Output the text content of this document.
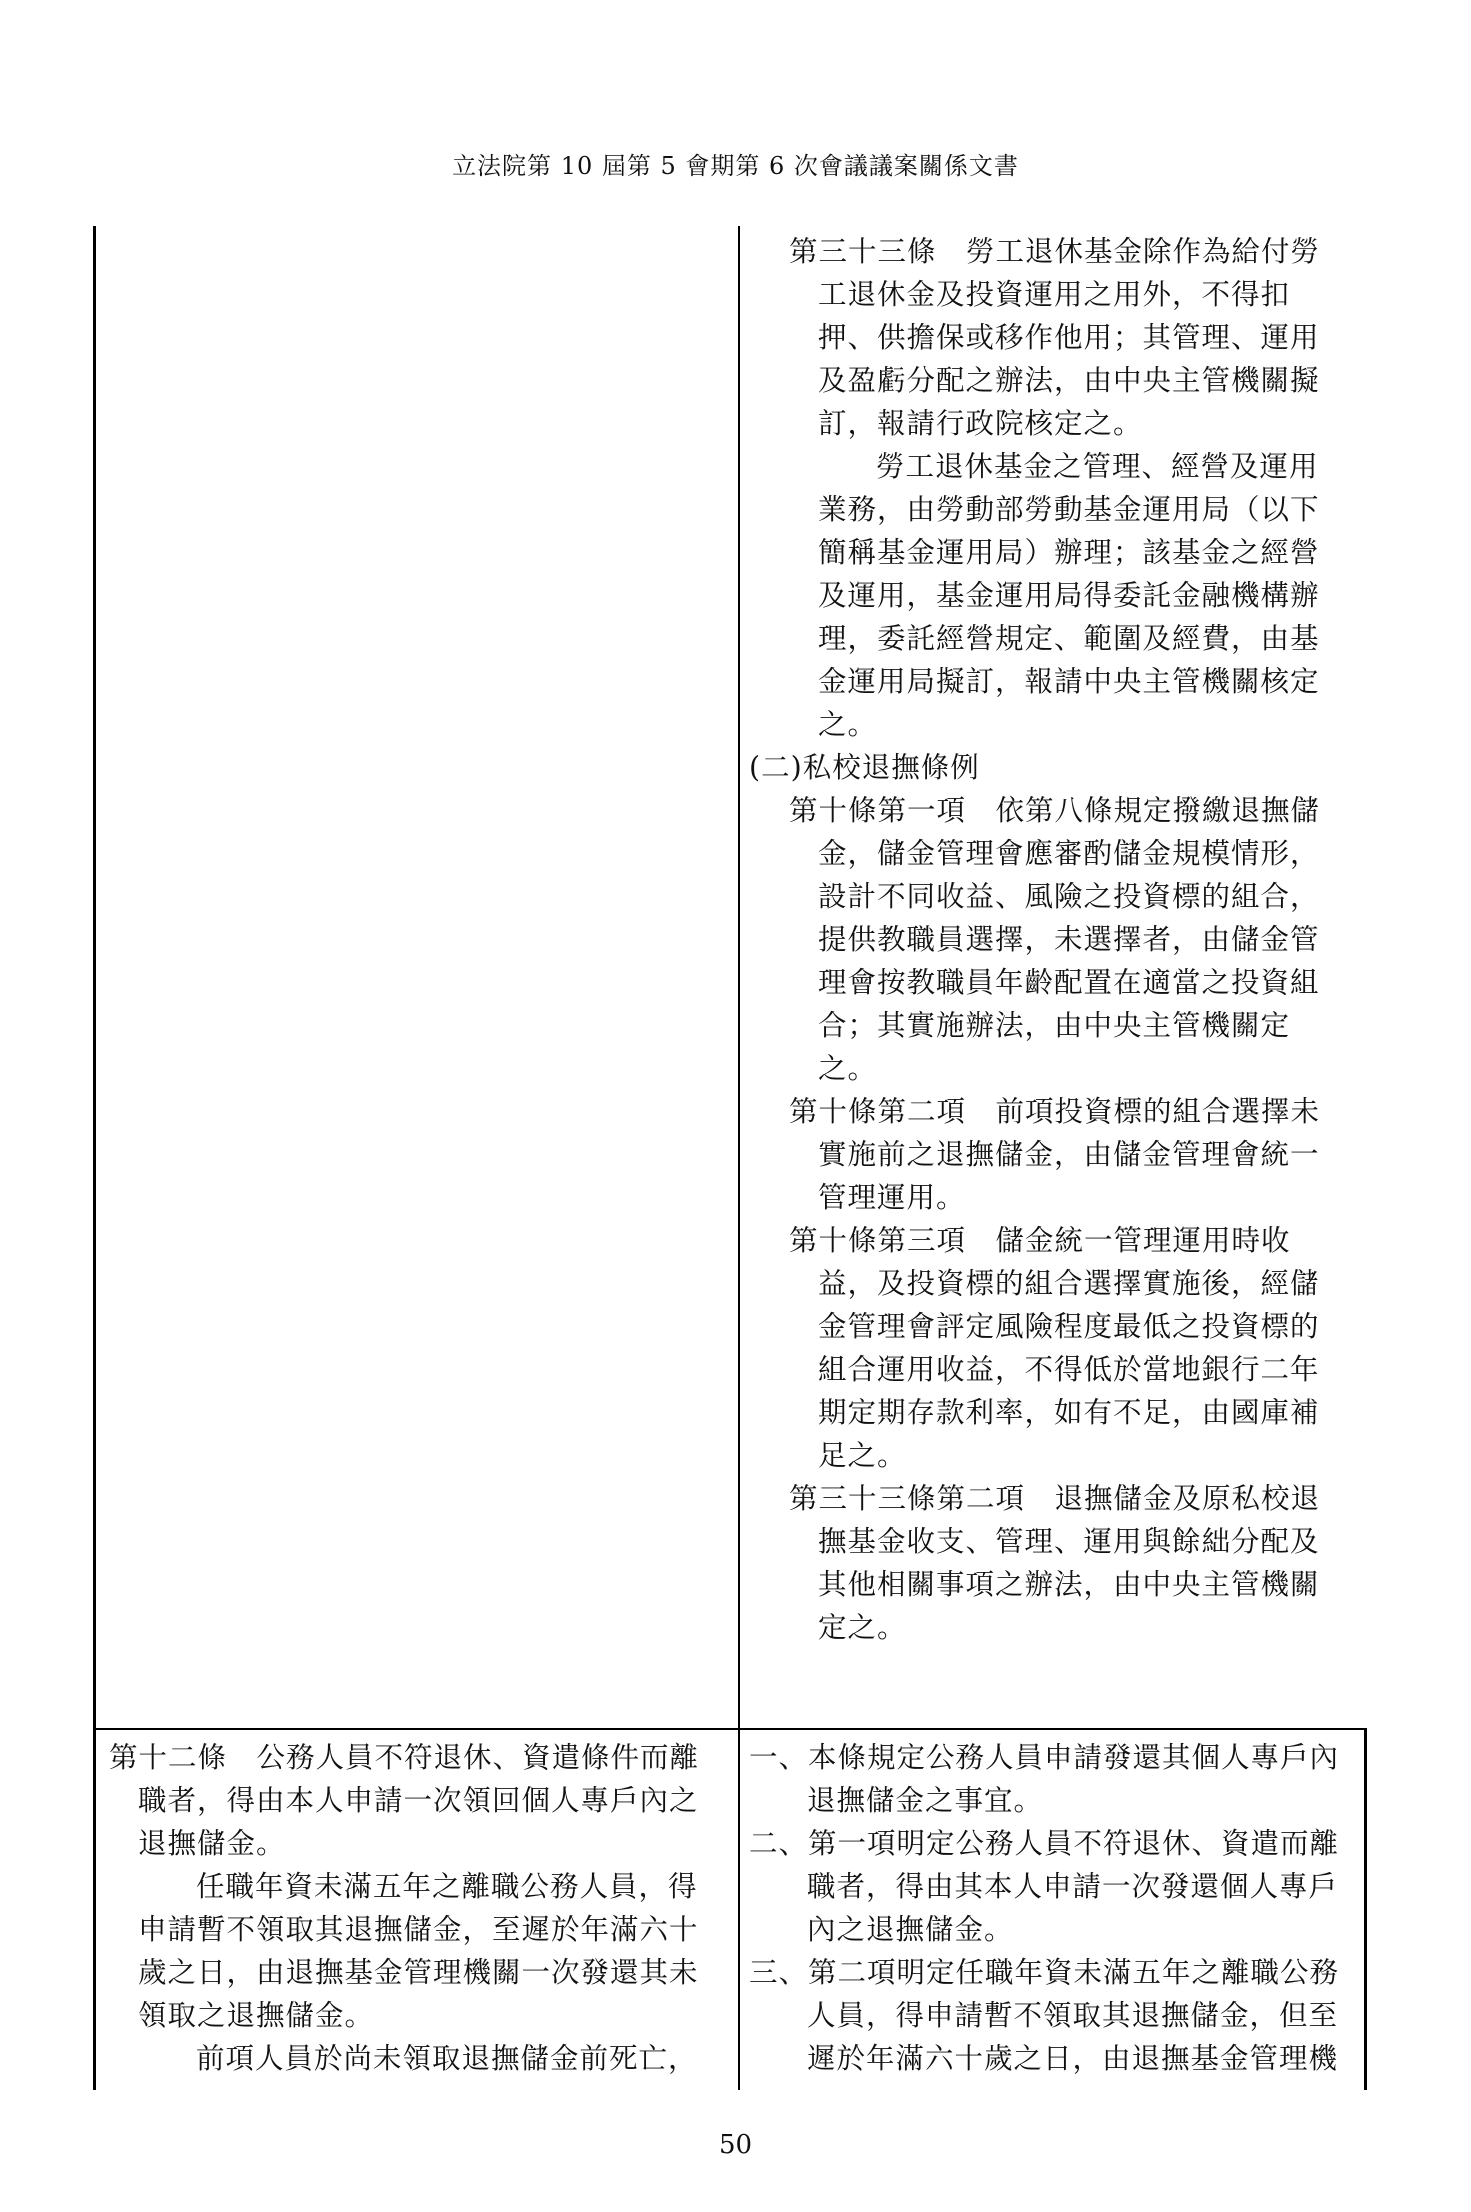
立法院第 10 屆第 5 會期第 6 次會議議案關係文書

第三十三條　勞工退休基金除作為給付勞工退休金及投資運用之用外，不得扣押、供擔保或移作他用；其管理、運用及盈虧分配之辦法，由中央主管機關擬訂，報請行政院核定之。

勞工退休基金之管理、經營及運用業務，由勞動部勞動基金運用局（以下簡稱基金運用局）辦理；該基金之經營及運用，基金運用局得委託金融機構辦理，委託經營規定、範圍及經費，由基金運用局擬訂，報請中央主管機關核定之。

(二)私校退撫條例

第十條第一項　依第八條規定撥繳退撫儲金，儲金管理會應審酌儲金規模情形，設計不同收益、風險之投資標的組合，提供教職員選擇，未選擇者，由儲金管理會按教職員年齡配置在適當之投資組合；其實施辦法，由中央主管機關定之。

第十條第二項　前項投資標的組合選擇未實施前之退撫儲金，由儲金管理會統一管理運用。

第十條第三項　儲金統一管理運用時收益，及投資標的組合選擇實施後，經儲金管理會評定風險程度最低之投資標的組合運用收益，不得低於當地銀行二年期定期存款利率，如有不足，由國庫補足之。

第三十三條第二項　退撫儲金及原私校退撫基金收支、管理、運用與餘絀分配及其他相關事項之辦法，由中央主管機關定之。

第十二條　公務人員不符退休、資遣條件而離職者，得由本人申請一次領回個人專戶內之退撫儲金。

任職年資未滿五年之離職公務人員，得申請暫不領取其退撫儲金，至遲於年滿六十歲之日，由退撫基金管理機關一次發還其未領取之退撫儲金。

前項人員於尚未領取退撫儲金前死亡，

一、本條規定公務人員申請發還其個人專戶內退撫儲金之事宜。

二、第一項明定公務人員不符退休、資遣而離職者，得由其本人申請一次發還個人專戶內之退撫儲金。

三、第二項明定任職年資未滿五年之離職公務人員，得申請暫不領取其退撫儲金，但至遲於年滿六十歲之日，由退撫基金管理機

50
